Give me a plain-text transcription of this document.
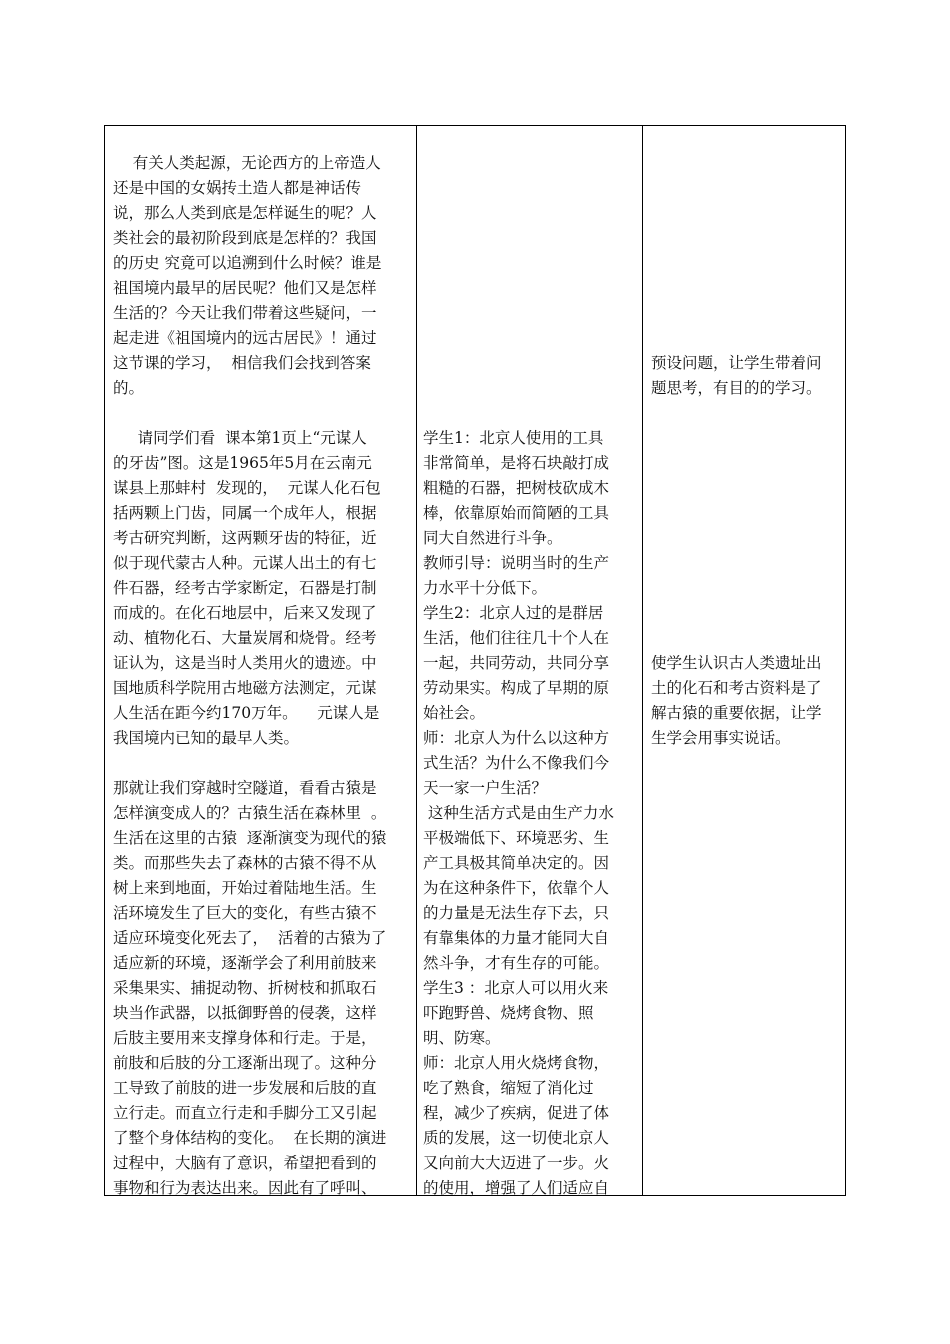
有关人类起源，无论西方的上帝造人
还是中国的女娲抟土造人都是神话传
说，那么人类到底是怎样诞生的呢？人
类社会的最初阶段到底是怎样的？我国
的历史 究竟可以追溯到什么时候？谁是
祖国境内最早的居民呢？他们又是怎样
生活的？今天让我们带着这些疑问，一
起走进《祖国境内的远古居民》！通过
这节课的学习，  相信我们会找到答案
的。
请同学们看  课本第1页上“元谋人
的牙齿”图。这是1965年5月在云南元
谋县上那蚌村  发现的，  元谋人化石包
括两颗上门齿，同属一个成年人，根据
考古研究判断，这两颗牙齿的特征，近
似于现代蒙古人种。元谋人出土的有七
件石器，经考古学家断定，石器是打制
而成的。在化石地层中，后来又发现了
动、植物化石、大量炭屑和烧骨。经考
证认为，这是当时人类用火的遗迹。中
国地质科学院用古地磁方法测定，元谋
人生活在距今约170万年。    元谋人是
我国境内已知的最早人类。
那就让我们穿越时空隧道，看看古猿是
怎样演变成人的？古猿生活在森林里  。
生活在这里的古猿  逐渐演变为现代的猿
类。而那些失去了森林的古猿不得不从
树上来到地面，开始过着陆地生活。生
活环境发生了巨大的变化，有些古猿不
适应环境变化死去了，  活着的古猿为了
适应新的环境，逐渐学会了利用前肢来
采集果实、捕捉动物、折树枝和抓取石
块当作武器，以抵御野兽的侵袭，这样
后肢主要用来支撑身体和行走。于是，
前肢和后肢的分工逐渐出现了。这种分
工导致了前肢的进一步发展和后肢的直
立行走。而直立行走和手脚分工又引起
了整个身体结构的变化。  在长期的演进
过程中，大脑有了意识，希望把看到的
事物和行为表达出来。因此有了呼叫、
学生1：北京人使用的工具
非常简单，是将石块敲打成
粗糙的石器，把树枝砍成木
棒，依靠原始而简陋的工具
同大自然进行斗争。
教师引导：说明当时的生产
力水平十分低下。
学生2：北京人过的是群居
生活，他们往往几十个人在
一起，共同劳动，共同分享
劳动果实。构成了早期的原
始社会。
师：北京人为什么以这种方
式生活？为什么不像我们今
天一家一户生活？
这种生活方式是由生产力水
平极端低下、环境恶劣、生
产工具极其简单决定的。因
为在这种条件下，依靠个人
的力量是无法生存下去，只
有靠集体的力量才能同大自
然斗争，才有生存的可能。
学生3 ：北京人可以用火来
吓跑野兽、烧烤食物、照
明、防寒。
师：北京人用火烧烤食物，
吃了熟食，缩短了消化过
程，减少了疾病，促进了体
质的发展，这一切使北京人
又向前大大迈进了一步。火
的使用，增强了人们适应自
预设问题，让学生带着问
题思考，有目的的学习。
使学生认识古人类遗址出
土的化石和考古资料是了
解古猿的重要依据，让学
生学会用事实说话。
